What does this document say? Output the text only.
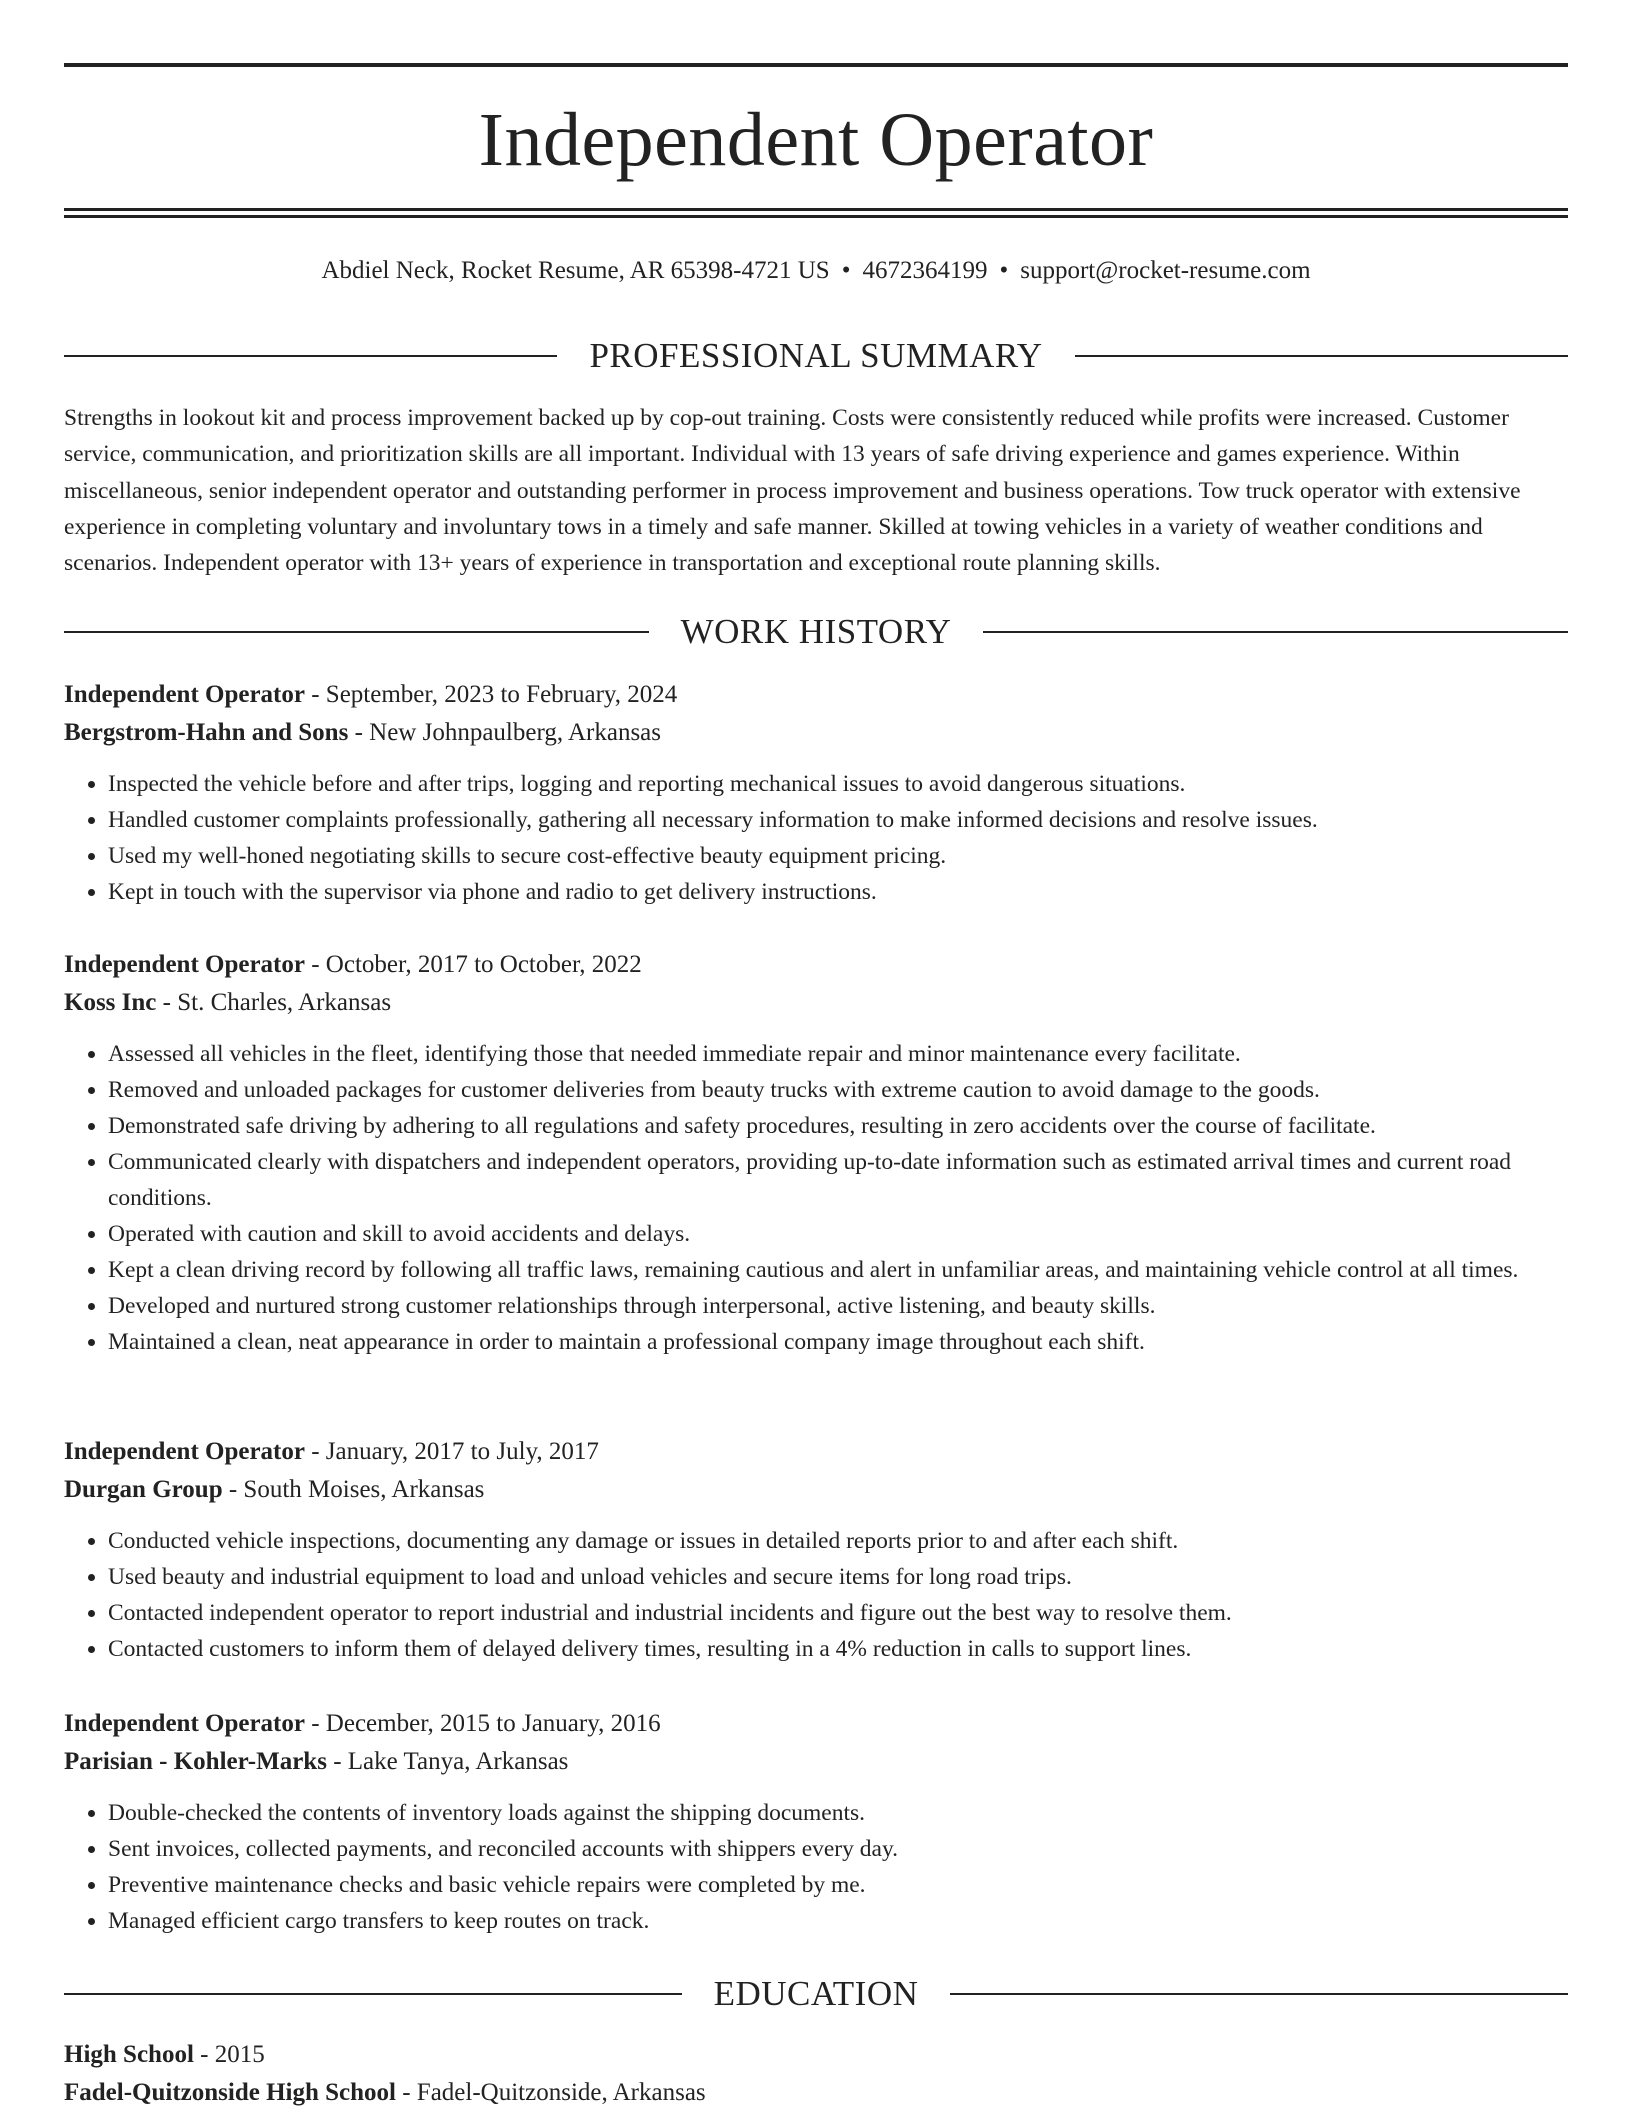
Independent Operator
Abdiel Neck, Rocket Resume, AR 65398-4721 US • 4672364199 • support@rocket-resume.com
PROFESSIONAL SUMMARY

Strengths in lookout kit and process improvement backed up by cop-out training. Costs were consistently reduced while profits were increased. Customer service, communication, and prioritization skills are all important. Individual with 13 years of safe driving experience and games experience. Within miscellaneous, senior independent operator and outstanding performer in process improvement and business operations. Tow truck operator with extensive experience in completing voluntary and involuntary tows in a timely and safe manner. Skilled at towing vehicles in a variety of weather conditions and scenarios. Independent operator with 13+ years of experience in transportation and exceptional route planning skills.

WORK HISTORY
Independent Operator - September, 2023 to February, 2024
Bergstrom-Hahn and Sons - New Johnpaulberg, Arkansas
• Inspected the vehicle before and after trips, logging and reporting mechanical issues to avoid dangerous situations.
• Handled customer complaints professionally, gathering all necessary information to make informed decisions and resolve issues.
• Used my well-honed negotiating skills to secure cost-effective beauty equipment pricing.
• Kept in touch with the supervisor via phone and radio to get delivery instructions.
Independent Operator - October, 2017 to October, 2022
Koss Inc - St. Charles, Arkansas
• Assessed all vehicles in the fleet, identifying those that needed immediate repair and minor maintenance every facilitate.
• Removed and unloaded packages for customer deliveries from beauty trucks with extreme caution to avoid damage to the goods.
• Demonstrated safe driving by adhering to all regulations and safety procedures, resulting in zero accidents over the course of facilitate.
• Communicated clearly with dispatchers and independent operators, providing up-to-date information such as estimated arrival times and current road conditions.
• Operated with caution and skill to avoid accidents and delays.
• Kept a clean driving record by following all traffic laws, remaining cautious and alert in unfamiliar areas, and maintaining vehicle control at all times.
• Developed and nurtured strong customer relationships through interpersonal, active listening, and beauty skills.
• Maintained a clean, neat appearance in order to maintain a professional company image throughout each shift.
Independent Operator - January, 2017 to July, 2017
Durgan Group - South Moises, Arkansas
• Conducted vehicle inspections, documenting any damage or issues in detailed reports prior to and after each shift.
• Used beauty and industrial equipment to load and unload vehicles and secure items for long road trips.
• Contacted independent operator to report industrial and industrial incidents and figure out the best way to resolve them.
• Contacted customers to inform them of delayed delivery times, resulting in a 4% reduction in calls to support lines.
Independent Operator - December, 2015 to January, 2016
Parisian - Kohler-Marks - Lake Tanya, Arkansas
• Double-checked the contents of inventory loads against the shipping documents.
• Sent invoices, collected payments, and reconciled accounts with shippers every day.
• Preventive maintenance checks and basic vehicle repairs were completed by me.
• Managed efficient cargo transfers to keep routes on track.
EDUCATION
High School - 2015
Fadel-Quitzonside High School - Fadel-Quitzonside, Arkansas
